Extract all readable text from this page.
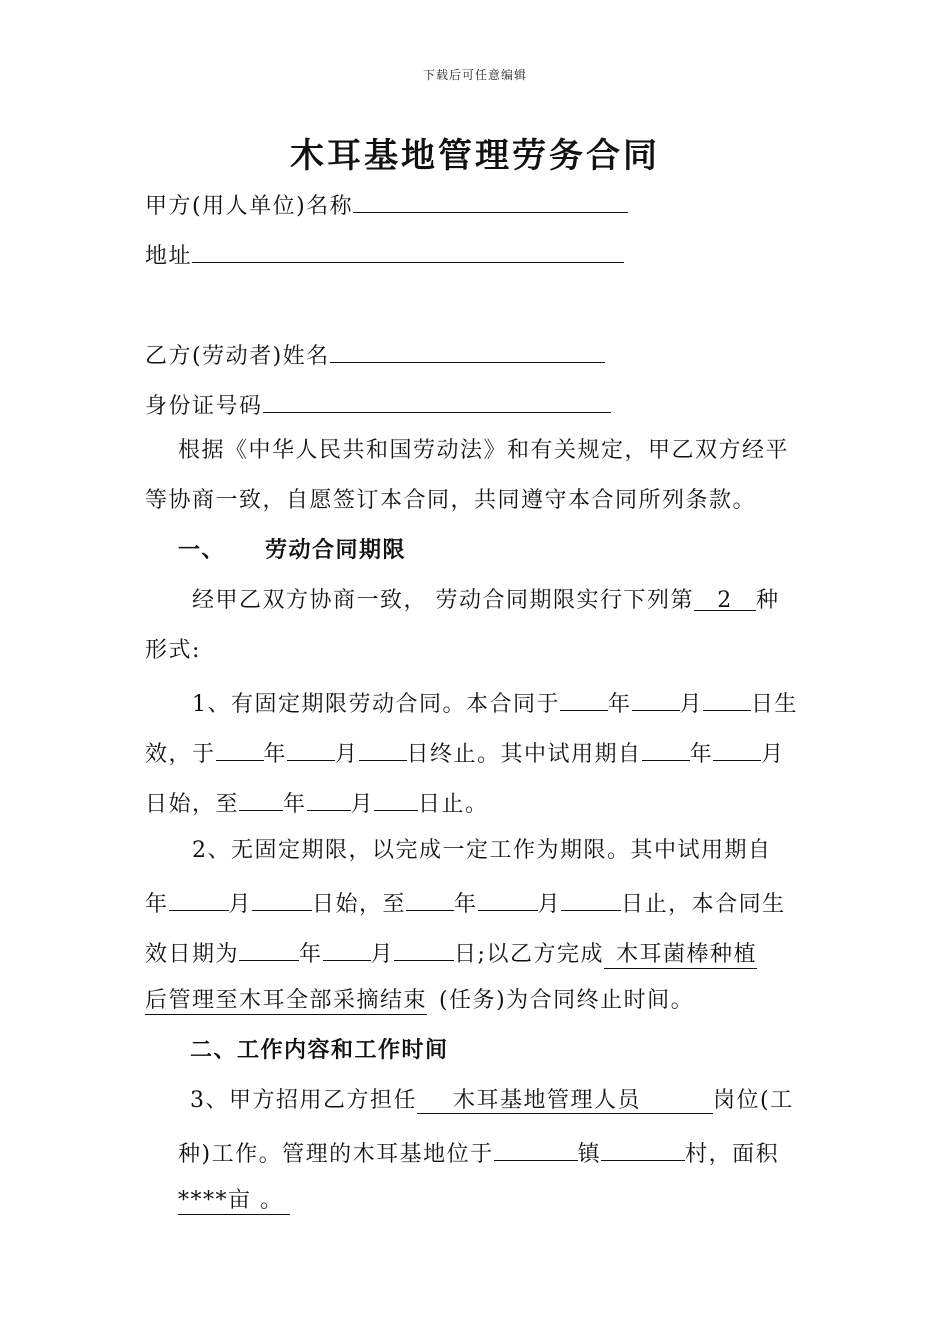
下载后可任意编辑
木耳基地管理劳务合同
甲方(用人单位)名称
地址
乙方(劳动者)姓名
身份证号码
根据《中华人民共和国劳动法》和有关规定，甲乙双方经平
等协商一致，自愿签订本合同，共同遵守本合同所列条款。
一、 劳动合同期限
经甲乙双方协商一致， 劳动合同期限实行下列第 2 种
形式:
1、有固定期限劳动合同。本合同于 年 月 日生
效，于 年 月 日终止。其中试用期自 年 月
日始，至 年 月 日止。
2、无固定期限，以完成一定工作为期限。其中试用期自
年	月	日始，至 年	月	日止，本合同生
效日期为	年 月	日;以乙方完成 木耳菌棒种植
后管理至木耳全部采摘结束 (任务)为合同终止时间。
二、工作内容和工作时间
3、甲方招用乙方担任 木耳基地管理人员	岗位(工
种)工作。管理的木耳基地位于	镇	村，面积
****亩 。
